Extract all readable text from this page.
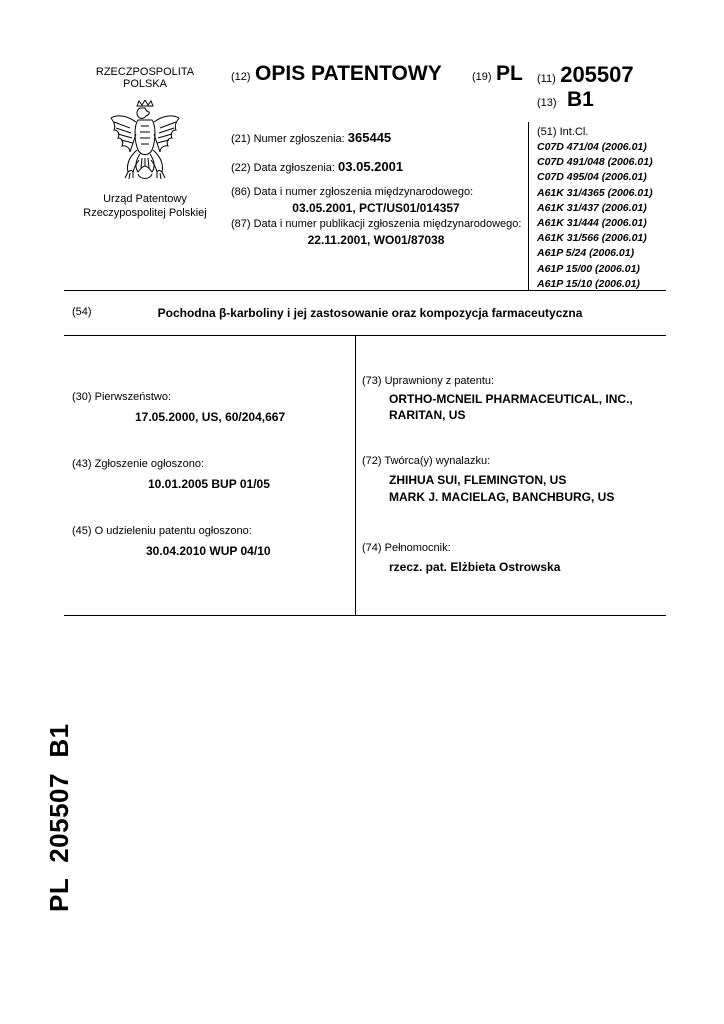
RZECZPOSPOLITA
POLSKA
Urząd Patentowy
Rzeczypospolitej Polskiej
(12) OPIS PATENTOWY	(19) PL (11) 205507
(13) B1
(21) Numer zgłoszenia: 365445
(22) Data zgłoszenia: 03.05.2001
(86) Data i numer zgłoszenia międzynarodowego:
03.05.2001, PCT/US01/014357
(87) Data i numer publikacji zgłoszenia międzynarodowego:
22.11.2001, WO01/87038
(51) Int.Cl.
C07D 471/04 (2006.01)
C07D 491/048 (2006.01)
C07D 495/04 (2006.01)
A61K 31/4365 (2006.01)
A61K 31/437 (2006.01)
A61K 31/444 (2006.01)
A61K 31/566 (2006.01)
A61P 5/24 (2006.01)
A61P 15/00 (2006.01)
A61P 15/10 (2006.01)
(54)	Pochodna β-karboliny i jej zastosowanie oraz kompozycja farmaceutyczna
(30) Pierwszeństwo:
17.05.2000, US, 60/204,667
(43) Zgłoszenie ogłoszono:
10.01.2005 BUP 01/05
(45) O udzieleniu patentu ogłoszono:
30.04.2010 WUP 04/10
(73) Uprawniony z patentu:
ORTHO-MCNEIL PHARMACEUTICAL, INC.,
RARITAN, US
(72) Twórca(y) wynalazku:
ZHIHUA SUI, FLEMINGTON, US
MARK J. MACIELAG, BANCHBURG, US
(74) Pełnomocnik:
rzecz. pat. Elżbieta Ostrowska
PL  205507  B1
